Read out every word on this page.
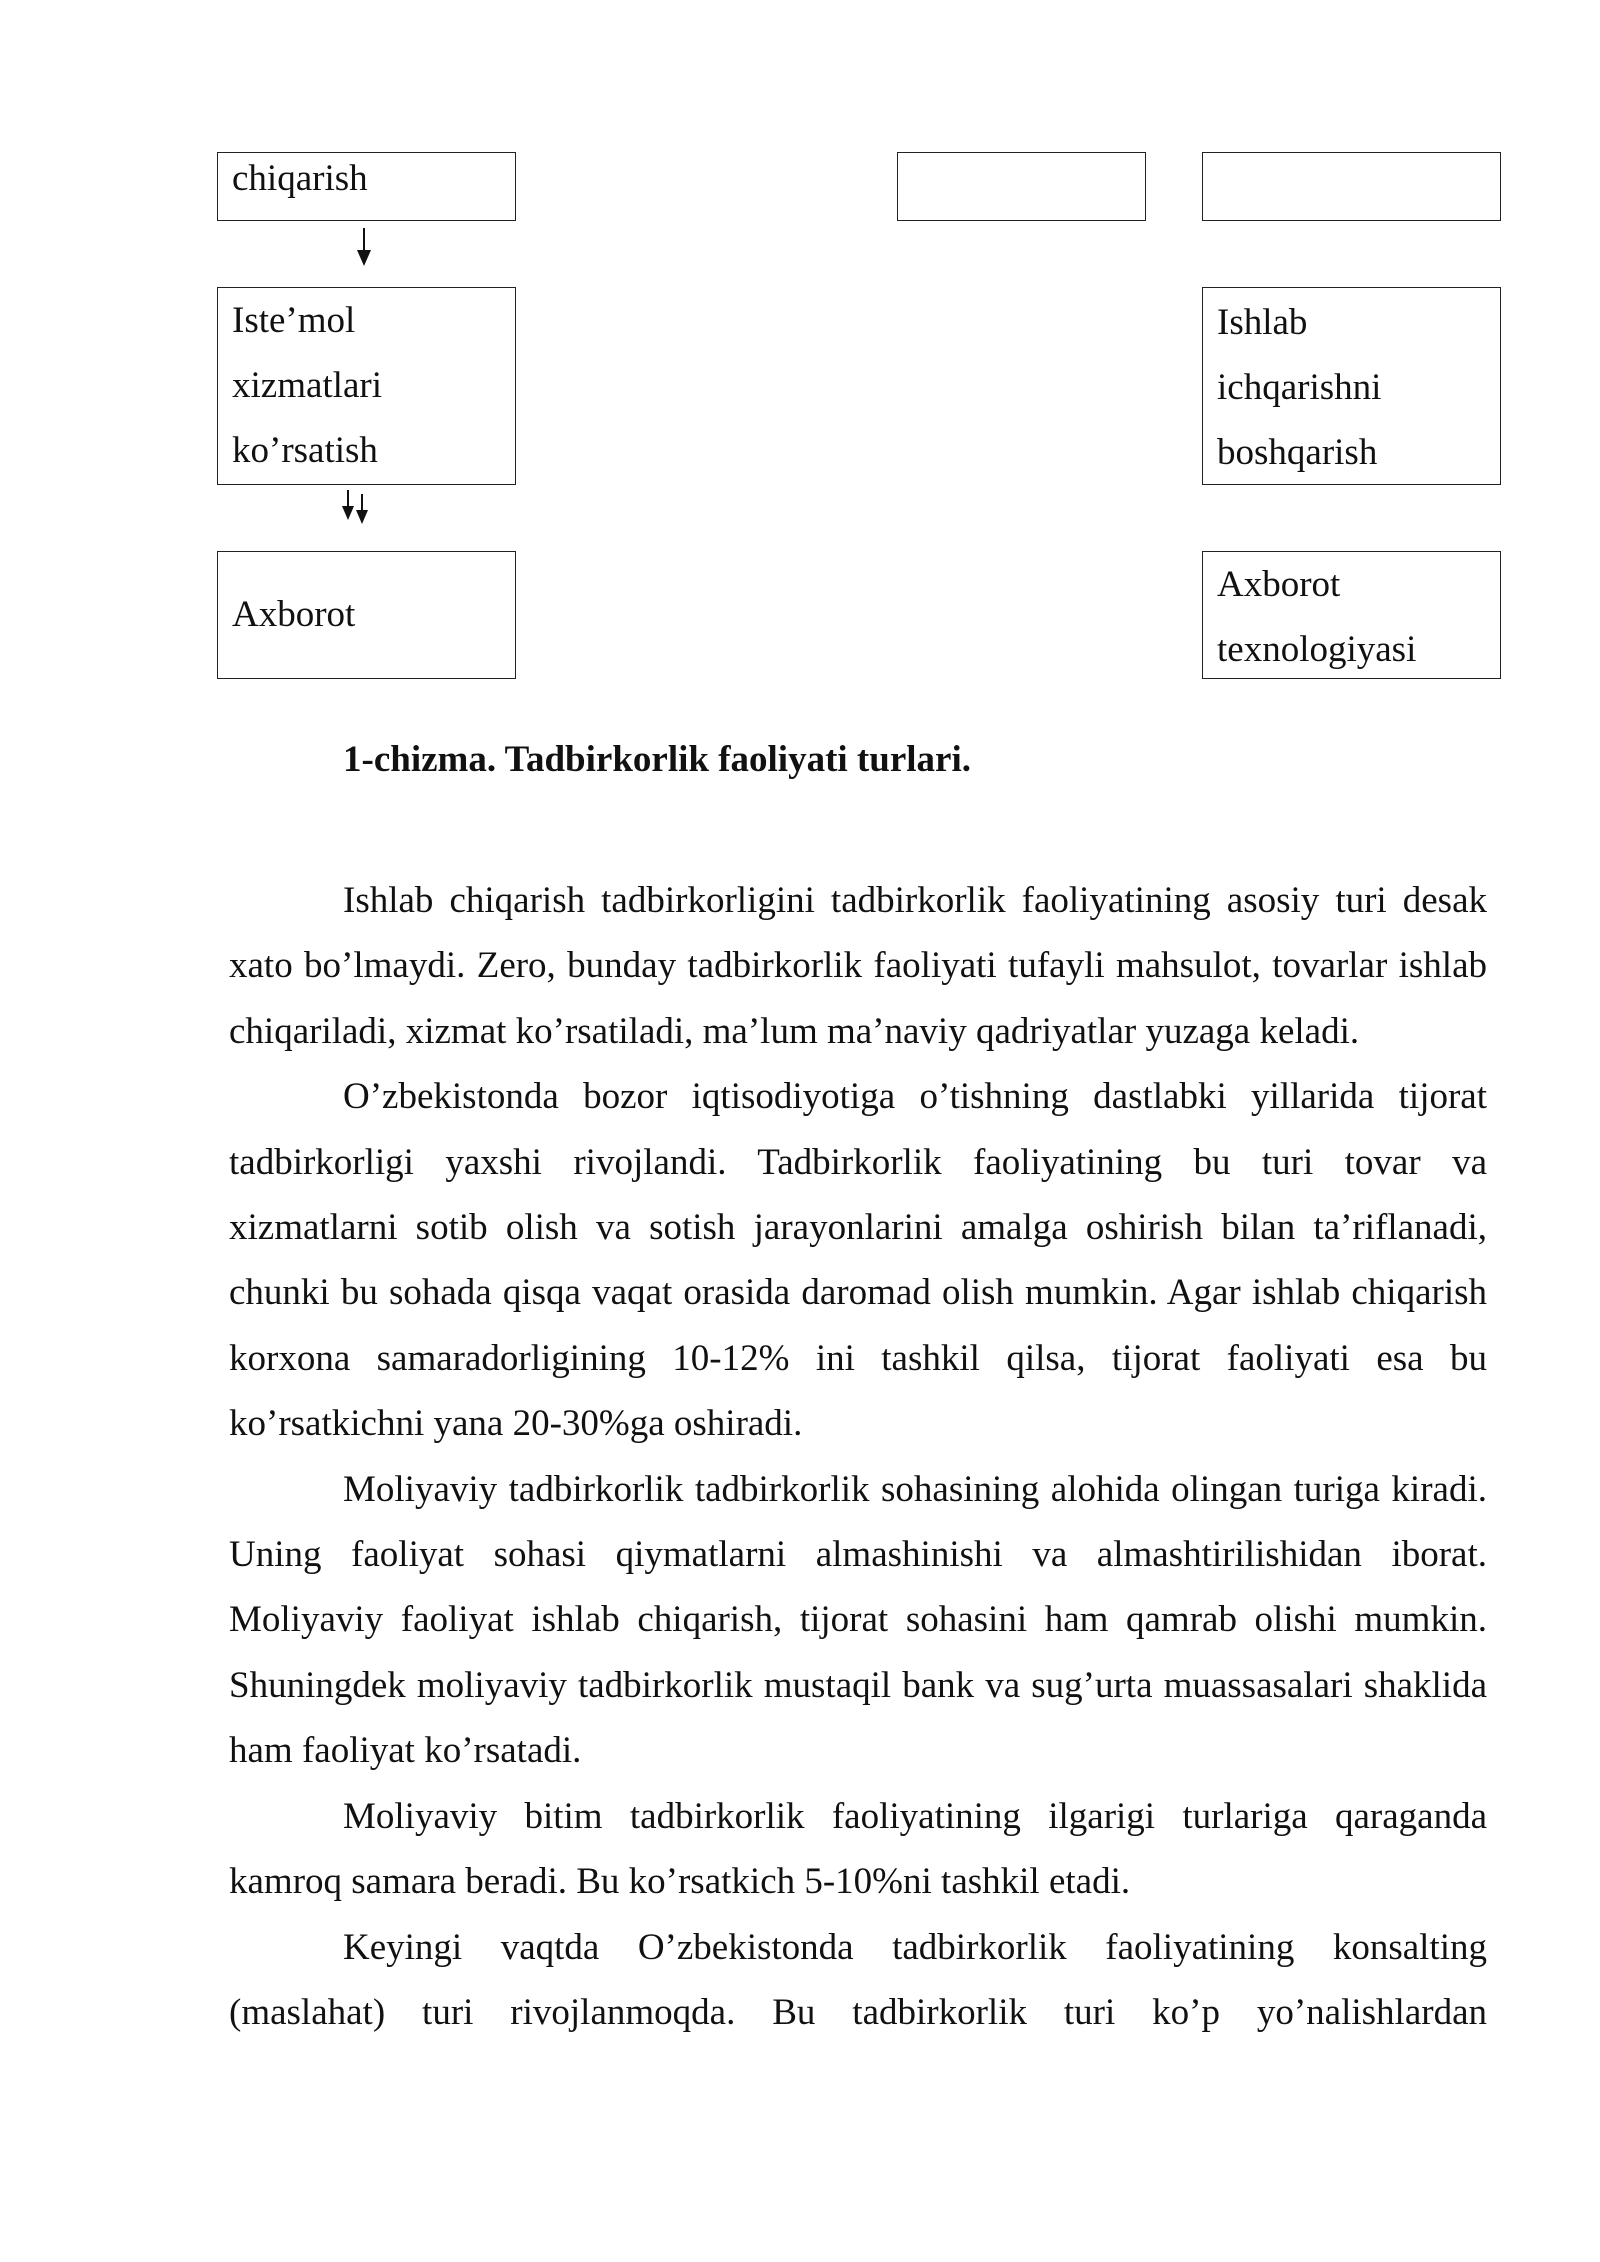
chiqarish
Iste’mol
xizmatlari
ko’rsatish
Ishlab
ichqarishni
boshqarish
Axborot
Axborot
texnologiyasi
1-chizma. Tadbirkorlik faoliyati turlari.

Ishlab chiqarish tadbirkorligini tadbirkorlik faoliyatining asosiy turi desak xato bo’lmaydi. Zero, bunday tadbirkorlik faoliyati tufayli mahsulot, tovarlar ishlab chiqariladi, xizmat ko’rsatiladi, ma’lum ma’naviy qadriyatlar yuzaga keladi.

O’zbekistonda bozor iqtisodiyotiga o’tishning dastlabki yillarida tijorat tadbirkorligi yaxshi rivojlandi. Tadbirkorlik faoliyatining bu turi tovar va xizmatlarni sotib olish va sotish jarayonlarini amalga oshirish bilan ta’riflanadi, chunki bu sohada qisqa vaqat orasida daromad olish mumkin. Agar ishlab chiqarish korxona samaradorligining 10-12% ini tashkil qilsa, tijorat faoliyati esa bu ko’rsatkichni yana 20-30%ga oshiradi.

Moliyaviy tadbirkorlik tadbirkorlik sohasining alohida olingan turiga kiradi. Uning faoliyat sohasi qiymatlarni almashinishi va almashtirilishidan iborat. Moliyaviy faoliyat ishlab chiqarish, tijorat sohasini ham qamrab olishi mumkin. Shuningdek moliyaviy tadbirkorlik mustaqil bank va sug’urta muassasalari shaklida ham faoliyat ko’rsatadi.

Moliyaviy bitim tadbirkorlik faoliyatining ilgarigi turlariga qaraganda kamroq samara beradi. Bu ko’rsatkich 5-10%ni tashkil etadi.

Keyingi vaqtda O’zbekistonda tadbirkorlik faoliyatining konsalting (maslahat) turi rivojlanmoqda. Bu tadbirkorlik turi ko’p yo’nalishlardan
